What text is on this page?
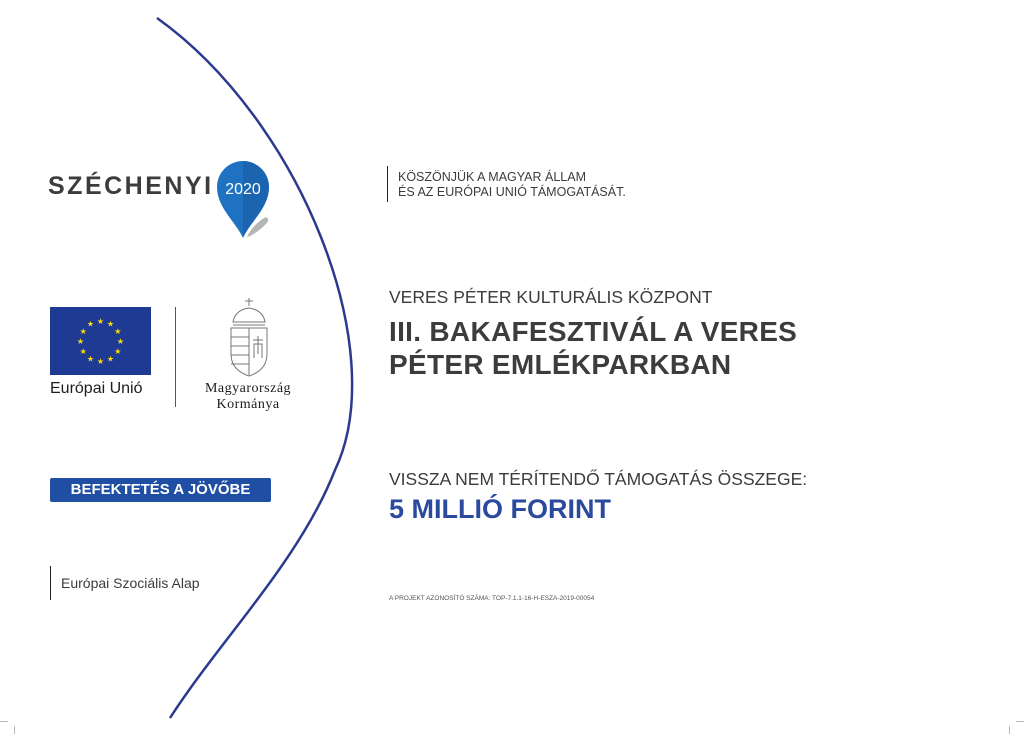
SZÉCHENYI 2020
★ ★
★
★
★
★
★
★
★
★
★
★
Európai Unió	Magyarország
Kormánya
BEFEKTETÉS A JÖVŐBE
Európai Szociális Alap
KÖSZÖNJÜK A MAGYAR ÁLLAM
ÉS AZ EURÓPAI UNIÓ TÁMOGATÁSÁT.
VERES PÉTER KULTURÁLIS KÖZPONT
III. BAKAFESZTIVÁL A VERES
PÉTER EMLÉKPARKBAN
VISSZA NEM TÉRÍTENDŐ TÁMOGATÁS ÖSSZEGE:
5 MILLIÓ FORINT
A PROJEKT AZONOSÍTÓ SZÁMA: TOP-7.1.1-16-H-ESZA-2019-00054
